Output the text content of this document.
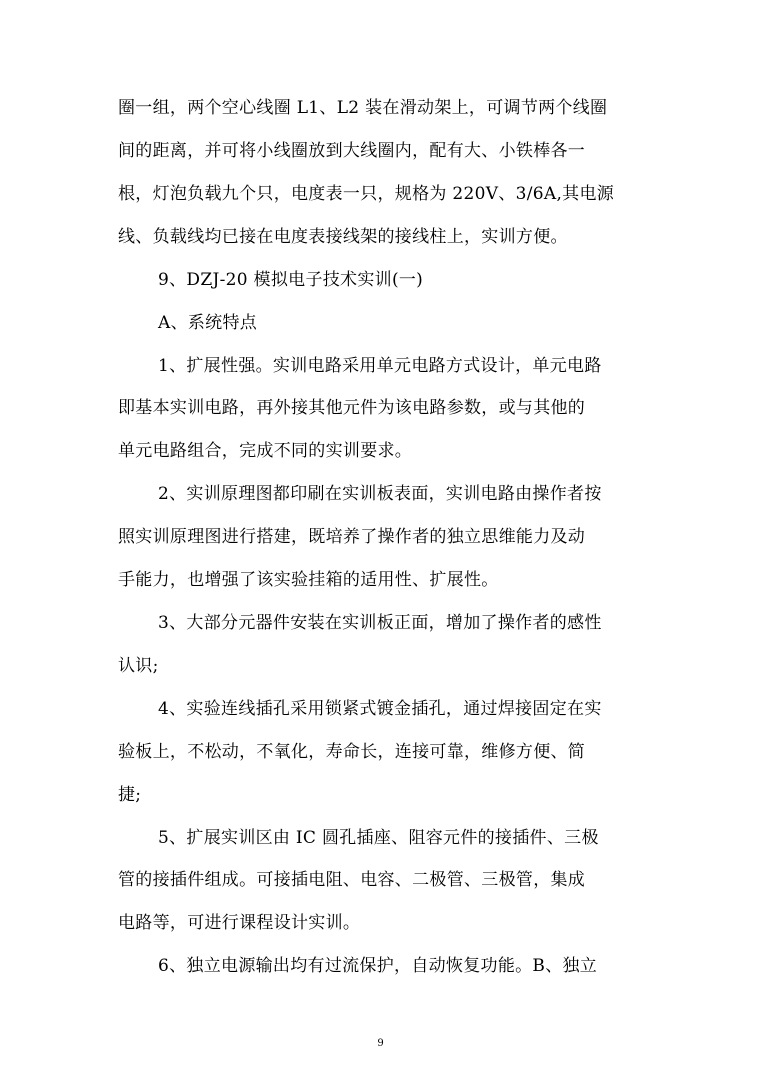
圈一组，两个空心线圈 L1、L2 装在滑动架上，可调节两个线圈
间的距离，并可将小线圈放到大线圈内，配有大、小铁棒各一
根，灯泡负载九个只，电度表一只，规格为 220V、3/6A,其电源
线、负载线均已接在电度表接线架的接线柱上，实训方便。
9、DZJ-20 模拟电子技术实训(一)
A、系统特点
1、扩展性强。实训电路采用单元电路方式设计，单元电路
即基本实训电路，再外接其他元件为该电路参数，或与其他的
单元电路组合，完成不同的实训要求。
2、实训原理图都印刷在实训板表面，实训电路由操作者按
照实训原理图进行搭建，既培养了操作者的独立思维能力及动
手能力，也增强了该实验挂箱的适用性、扩展性。
3、大部分元器件安装在实训板正面，增加了操作者的感性
认识;
4、实验连线插孔采用锁紧式镀金插孔，通过焊接固定在实
验板上，不松动，不氧化，寿命长，连接可靠，维修方便、简
捷;
5、扩展实训区由 IC 圆孔插座、阻容元件的接插件、三极
管的接插件组成。可接插电阻、电容、二极管、三极管，集成
电路等，可进行课程设计实训。
6、独立电源输出均有过流保护，自动恢复功能。B、独立
9
